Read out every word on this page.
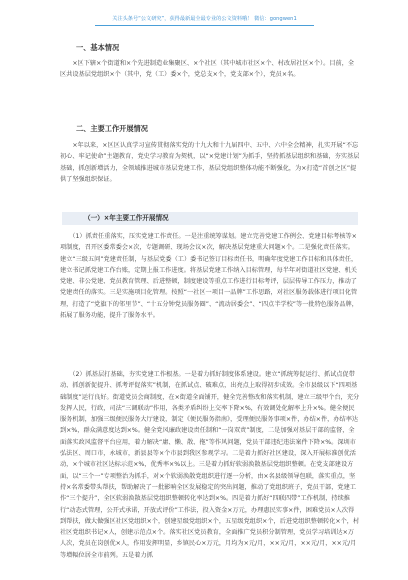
关注头条号“公文研究”，获得最新最全最专业的公文资料哦！ 微信：gongwen1
一、基本情况
　　×区下辖×个街道和×个先进制造业集聚区、×个社区（其中城市社区×个、村改居社区×个）。目前，全区共设基层党组织×个（其中，党（工）委×个，党总支×个，党支部×个），党员×名。
二、主要工作开展情况
　　×年以来，×区区认真学习宣传贯彻落实党的十九大和十九届四中、五中、六中全会精神，扎实开展“不忘初心、牢记使命”主题教育，党史学习教育为契机，以“×党建计划”为抓手，坚持抓基层组织和基础，夯实基层基础，抓创新增活力，全领域推进城市基层党建工作，基层党组织整体功能不断强化，为×打造“首创之区”提供了坚强组织保证。
（一）×年主要工作开展情况
　　（1）抓责任重落实，压实党建工作责任。一是注重统筹谋划。建立完善党建工作例会、党建目标考核等×项制度，召开区委常委会×次，专题调研、现场会议×次，解决基层党建重大问题×个。二是强化责任落实。建立“三级五问”党建责任制，与基层党委（工）委书记签订目标责任书，明确年度党建工作目标和具体责任，建立书记抓党建工作台账，定期上报工作进度。将基层党建工作纳入目标管理，每半年对街道社区党建、机关党建、非公党建、党员教育管理、后进整顿，制度建设等重点工作进行目标考评，层层传导工作压力，推动了党建责任的落实。三是实施项目化管理。按照“一社区一项目一品牌”工作思路，对社区服务载体进行项目化管理，打造了“党旗下的邻里节”、“十五分钟党员服务圈”、“流动居委会”、“四点半学校”等一批特色服务品牌，拓展了服务功能，提升了服务水平。
　　（2）抓基层打基础，夯实党建工作根基。一是着力抓好制度体系建设。建立“抓统筹促运行、抓试点促带动、抓创新促提升、抓考评促落实”机制，在抓试点、破难点，出亮点上取得初步成效。全市县级以下“四项基础制度”运行良好。街道党员会商制度，在×街道全面铺开，健全完善整改和落实机制，建立三级甲个台，充分发挥人民，行政，司法“三调联动”作用，各类矛盾纠纷上交率下降×%，有效调处化解率上升×%。健全便民服务机制，加强三级便民服务大厅建设，制定《便民服务指南》，受理便民服务事项×件，办结×件，办结率达到×%，群众满意度达到×%。健全党风廉政建设责任制和“一岗双责”制度，二是加强对基层干部的监督，全面落实政风监督平台应用，着力解决“庸、懒、散、拖”等作风问题，党员干部违纪违法案件下降×%。深圳市弘法区、周口市，永城市，新县县等×个市县到我区参观学习。二是着力抓好社区建设，深入开展标准创优活动，×个城市社区达标示范×%，优秀率×%以上。三是着力抓好软弱涣散基层党组织整顿。在党支部建设方面，以“三个一”专项整治为抓手，对×个软弱涣散党组织进行逐一分析，由×名县级领导包联，落实重点，坚持×名常委带头帮扶，帮助解决了一批影响全区发展稳定的突出问题，推动了党组织班子，党员干部，党建工作“三个提升”，全区软弱涣散基层党组织整顿转化率达到×%。四是着力抓好“四联四带”工作机制，持续推行“动态式管理，公开式承诺，开放式评价”工作法，投入资金×万元，办理惠民实事×件，困难党员×人次得到帮扶，做大做强区社区党组织×个，创建星级党组织×个，五星级党组织×个，后进党组织整顿转化×个，村社区党组织书记×人，创建示范点×个。落实社区党员教育，全面推广党员积分制管理，党员学习培训达×万人次，党员在岗创优×人，作用发挥明显，乡镇民心×万元，月均为×元/月，××元/月，××元/月，××元/月等增幅位居全市前列。五是着力抓
